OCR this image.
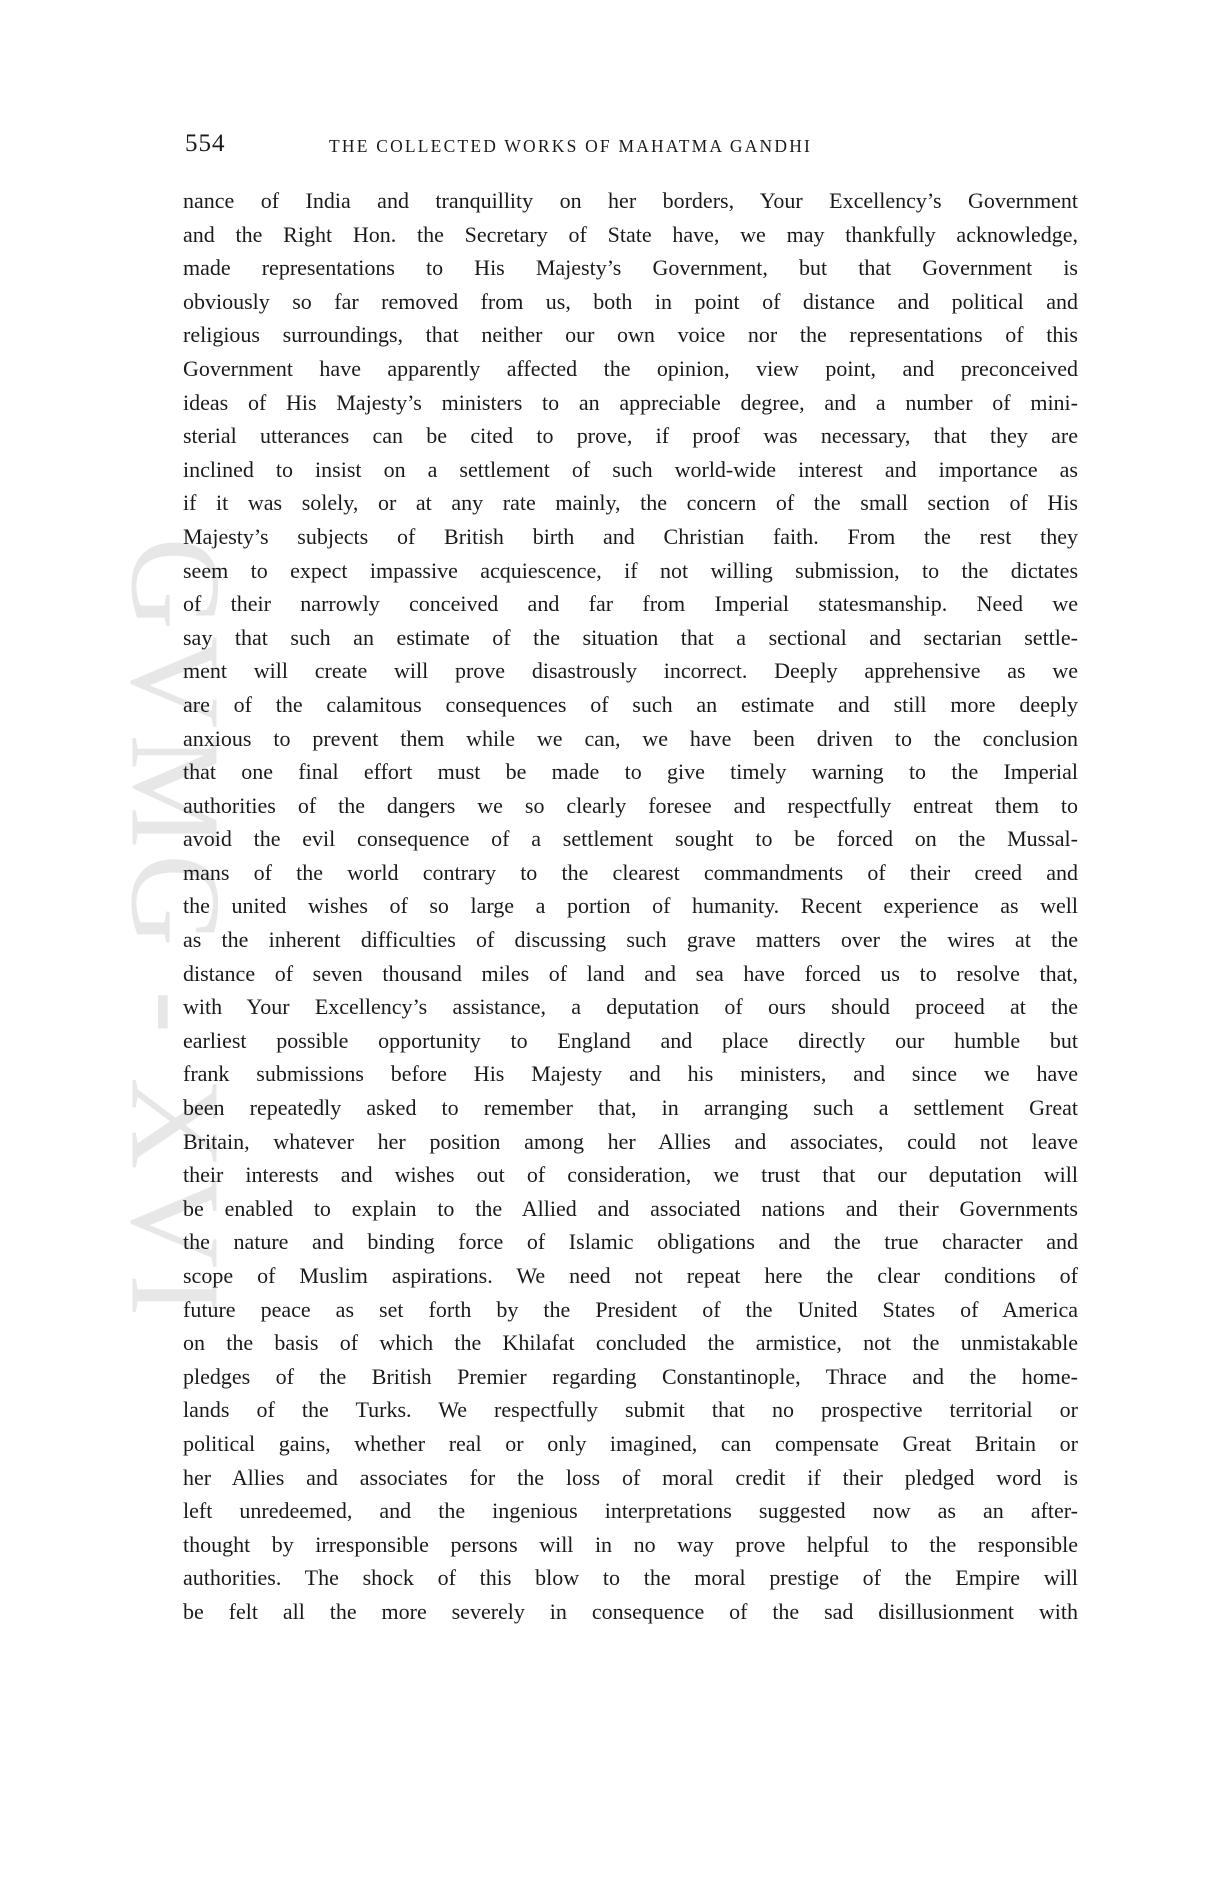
GVMG - XVI
554	THE COLLECTED WORKS OF MAHATMA GANDHI
nance of India and tranquillity on her borders, Your Excellency’s Government
and the Right Hon. the Secretary of State have, we may thankfully acknowledge,
made representations to His Majesty’s Government, but that Government is
obviously so far removed from us, both in point of distance and political and
religious surroundings, that neither our own voice nor the representations of this
Government have apparently affected the opinion, view point, and preconceived
ideas of His Majesty’s ministers to an appreciable degree, and a number of mini-
sterial utterances can be cited to prove, if proof was necessary, that they are
inclined to insist on a settlement of such world-wide interest and importance as
if it was solely, or at any rate mainly, the concern of the small section of His
Majesty’s subjects of British birth and Christian faith. From the rest they
seem to expect impassive acquiescence, if not willing submission, to the dictates
of their narrowly conceived and far from Imperial statesmanship. Need we
say that such an estimate of the situation that a sectional and sectarian settle-
ment will create will prove disastrously incorrect. Deeply apprehensive as we
are of the calamitous consequences of such an estimate and still more deeply
anxious to prevent them while we can, we have been driven to the conclusion
that one final effort must be made to give timely warning to the Imperial
authorities of the dangers we so clearly foresee and respectfully entreat them to
avoid the evil consequence of a settlement sought to be forced on the Mussal-
mans of the world contrary to the clearest commandments of their creed and
the united wishes of so large a portion of humanity. Recent experience as well
as the inherent difficulties of discussing such grave matters over the wires at the
distance of seven thousand miles of land and sea have forced us to resolve that,
with Your Excellency’s assistance, a deputation of ours should proceed at the
earliest possible opportunity to England and place directly our humble but
frank submissions before His Majesty and his ministers, and since we have
been repeatedly asked to remember that, in arranging such a settlement Great
Britain, whatever her position among her Allies and associates, could not leave
their interests and wishes out of consideration, we trust that our deputation will
be enabled to explain to the Allied and associated nations and their Governments
the nature and binding force of Islamic obligations and the true character and
scope of Muslim aspirations. We need not repeat here the clear conditions of
future peace as set forth by the President of the United States of America
on the basis of which the Khilafat concluded the armistice, not the unmistakable
pledges of the British Premier regarding Constantinople, Thrace and the home-
lands of the Turks. We respectfully submit that no prospective territorial or
political gains, whether real or only imagined, can compensate Great Britain or
her Allies and associates for the loss of moral credit if their pledged word is
left unredeemed, and the ingenious interpretations suggested now as an after-
thought by irresponsible persons will in no way prove helpful to the responsible
authorities. The shock of this blow to the moral prestige of the Empire will
be felt all the more severely in consequence of the sad disillusionment with
